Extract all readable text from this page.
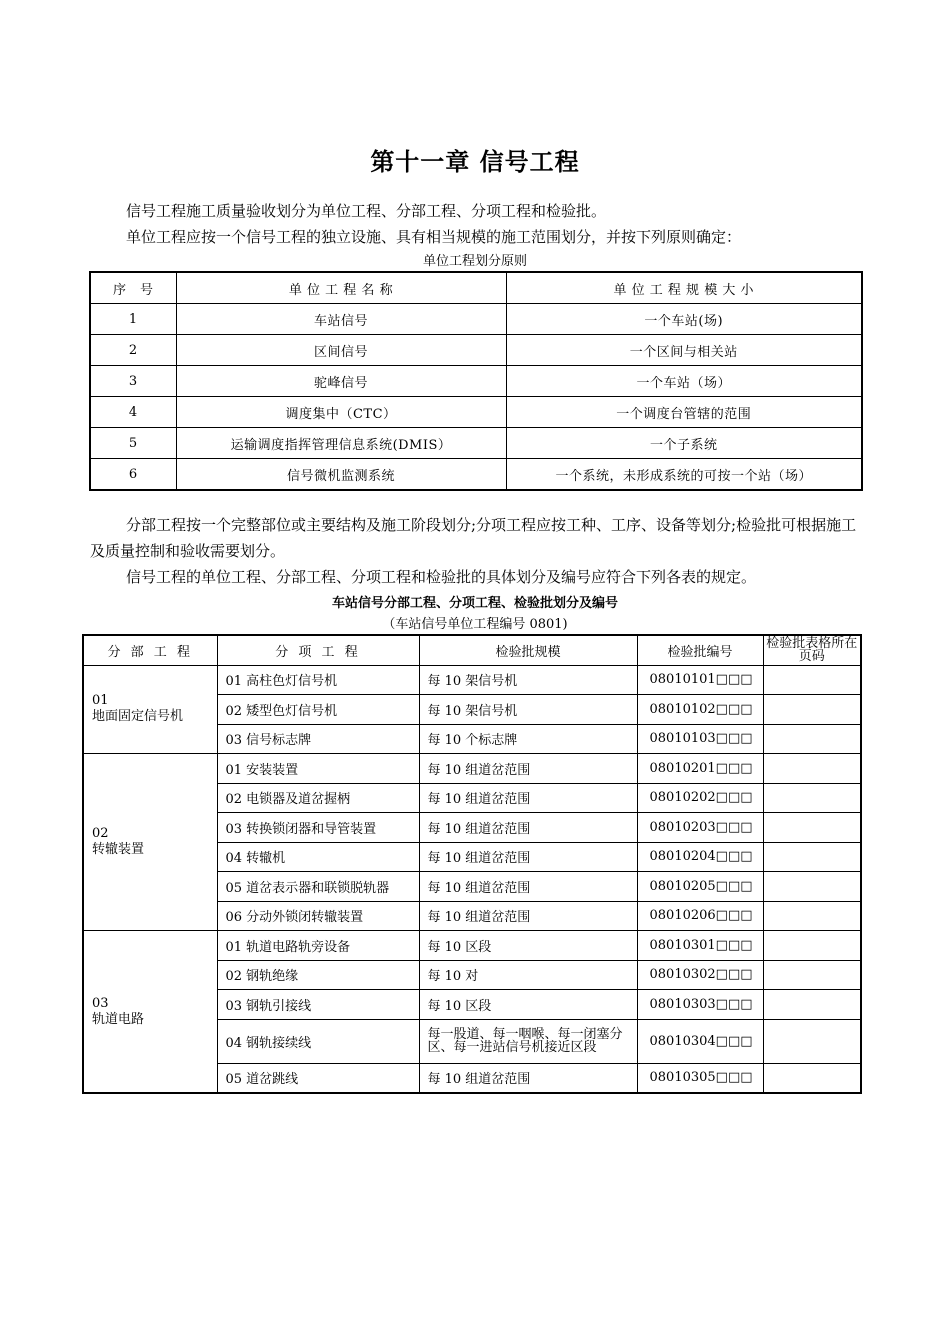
第十一章 信号工程

信号工程施工质量验收划分为单位工程、分部工程、分项工程和检验批。

单位工程应按一个信号工程的独立设施、具有相当规模的施工范围划分，并按下列原则确定：

单位工程划分原则
序　号	单 位 工 程 名 称	单 位 工 程 规 模 大 小
1	车站信号	一个车站(场)
2	区间信号	一个区间与相关站
3	驼峰信号	一个车站（场）
4	调度集中（CTC）	一个调度台管辖的范围
5	运输调度指挥管理信息系统(DMIS）	一个子系统
6	信号微机监测系统	一个系统，未形成系统的可按一个站（场）

分部工程按一个完整部位或主要结构及施工阶段划分;分项工程应按工种、工序、设备等划分;检验批可根据施工及质量控制和验收需要划分。

信号工程的单位工程、分部工程、分项工程和检验批的具体划分及编号应符合下列各表的规定。

车站信号分部工程、分项工程、检验批划分及编号
（车站信号单位工程编号 0801)
分 部 工 程	分 项 工 程	检验批规模	检验批编号	检验批表格所在页码

01
地面固定信号机	01 高柱色灯信号机	每 10 架信号机	08010101□□□	
	02 矮型色灯信号机	每 10 架信号机	08010102□□□	
	03 信号标志牌	每 10 个标志牌	08010103□□□	

02
转辙装置	01 安装装置	每 10 组道岔范围	08010201□□□	
	02 电锁器及道岔握柄	每 10 组道岔范围	08010202□□□	
	03 转换锁闭器和导管装置	每 10 组道岔范围	08010203□□□	
	04 转辙机	每 10 组道岔范围	08010204□□□	
	05 道岔表示器和联锁脱轨器	每 10 组道岔范围	08010205□□□	
	06 分动外锁闭转辙装置	每 10 组道岔范围	08010206□□□	

03
轨道电路	01 轨道电路轨旁设备	每 10 区段	08010301□□□	
	02 钢轨绝缘	每 10 对	08010302□□□	
	03 钢轨引接线	每 10 区段	08010303□□□	
	04 钢轨接续线	每一股道、每一咽喉、每一闭塞分区、每一进站信号机接近区段	08010304□□□	
	05 道岔跳线	每 10 组道岔范围	08010305□□□	
